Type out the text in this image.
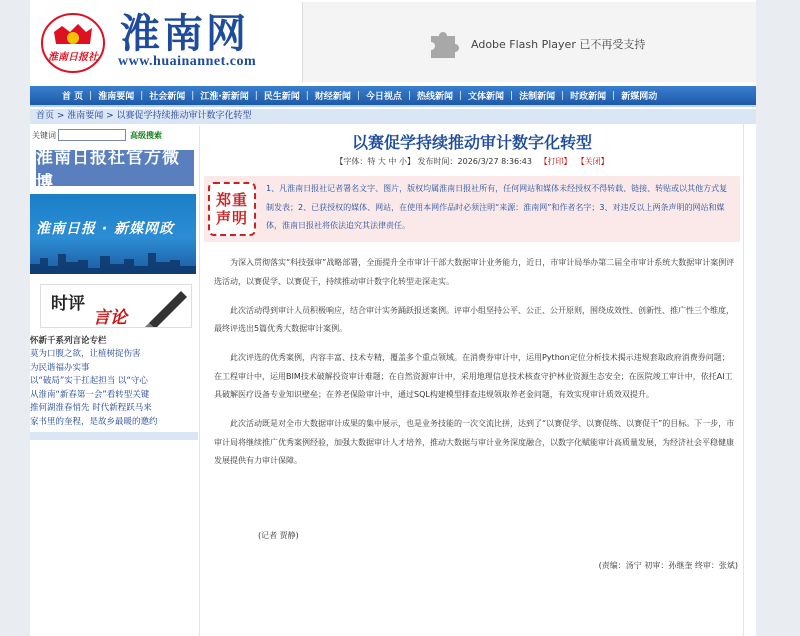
淮南日报社
淮南网
www.huainannet.com
Adobe Flash Player 已不再受支持
首 页 | 淮南要闻 | 社会新闻 | 江淮·新新闻 | 民生新闻 | 财经新闻 | 今日视点 | 热线新闻 | 文体新闻 | 法制新闻 | 时政新闻 | 新媒网动
首页 > 淮南要闻 > 以赛促学持续推动审计数字化转型
关键词	高级搜索
淮南日报社官方微博
淮南日报 · 新媒网政
时评
言论
怀新千系列言论专栏
莫为口腹之欲，让植树捉伤害
为民谐福办实事
以“破局”实干扛起担当 以“守心
从淮南“新春第一会”看转型关键
推何湖淮春悄先 时代新程跃马来
家书里的奎程，是故乡最暖的邀约
以赛促学持续推动审计数字化转型
【字体：特 大 中 小】 发布时间：2026/3/27 8:36:43 【打印】 【关闭】
郑重
声明
1、凡淮南日报社记者署名文字、图片，版权均属淮南日报社所有，任何网站和媒体未经授权不得转载、链接、转贴或以其他方式复制发表；2、已获授权的媒体、网站，在使用本网作品时必须注明“来源：淮南网”和作者名字；3、对违反以上两条声明的网站和媒体，淮南日报社将依法追究其法律责任。

为深入贯彻落实“科技强审”战略部署，全面提升全市审计干部大数据审计业务能力，近日，市审计局举办第二届全市审计系统大数据审计案例评选活动，以赛促学、以赛促干，持续推动审计数字化转型走深走实。

此次活动得到审计人员积极响应，结合审计实务踊跃报送案例。评审小组坚持公平、公正、公开原则，围绕成效性、创新性、推广性三个维度，最终评选出5篇优秀大数据审计案例。

此次评选的优秀案例，内容丰富、技术专精，覆盖多个重点领域。在消费券审计中，运用Python定位分析技术揭示违规套取政府消费券问题；在工程审计中，运用BIM技术破解投资审计难题；在自然资源审计中，采用地理信息技术核查守护林业资源生态安全；在医院竣工审计中，依托AI工具破解医疗设备专业知识壁垒；在养老保险审计中，通过SQL构建模型排查违规领取养老金问题，有效实现审计质效双提升。

此次活动既是对全市大数据审计成果的集中展示，也是业务技能的一次交流比拼，达到了“以赛促学、以赛促练、以赛促干”的目标。下一步，市审计局将继续推广优秀案例经验，加强大数据审计人才培养，推动大数据与审计业务深度融合，以数字化赋能审计高质量发展，为经济社会平稳健康发展提供有力审计保障。

(记者 贾静)
(责编：汤宁 初审：孙继奎 终审：张斌)
